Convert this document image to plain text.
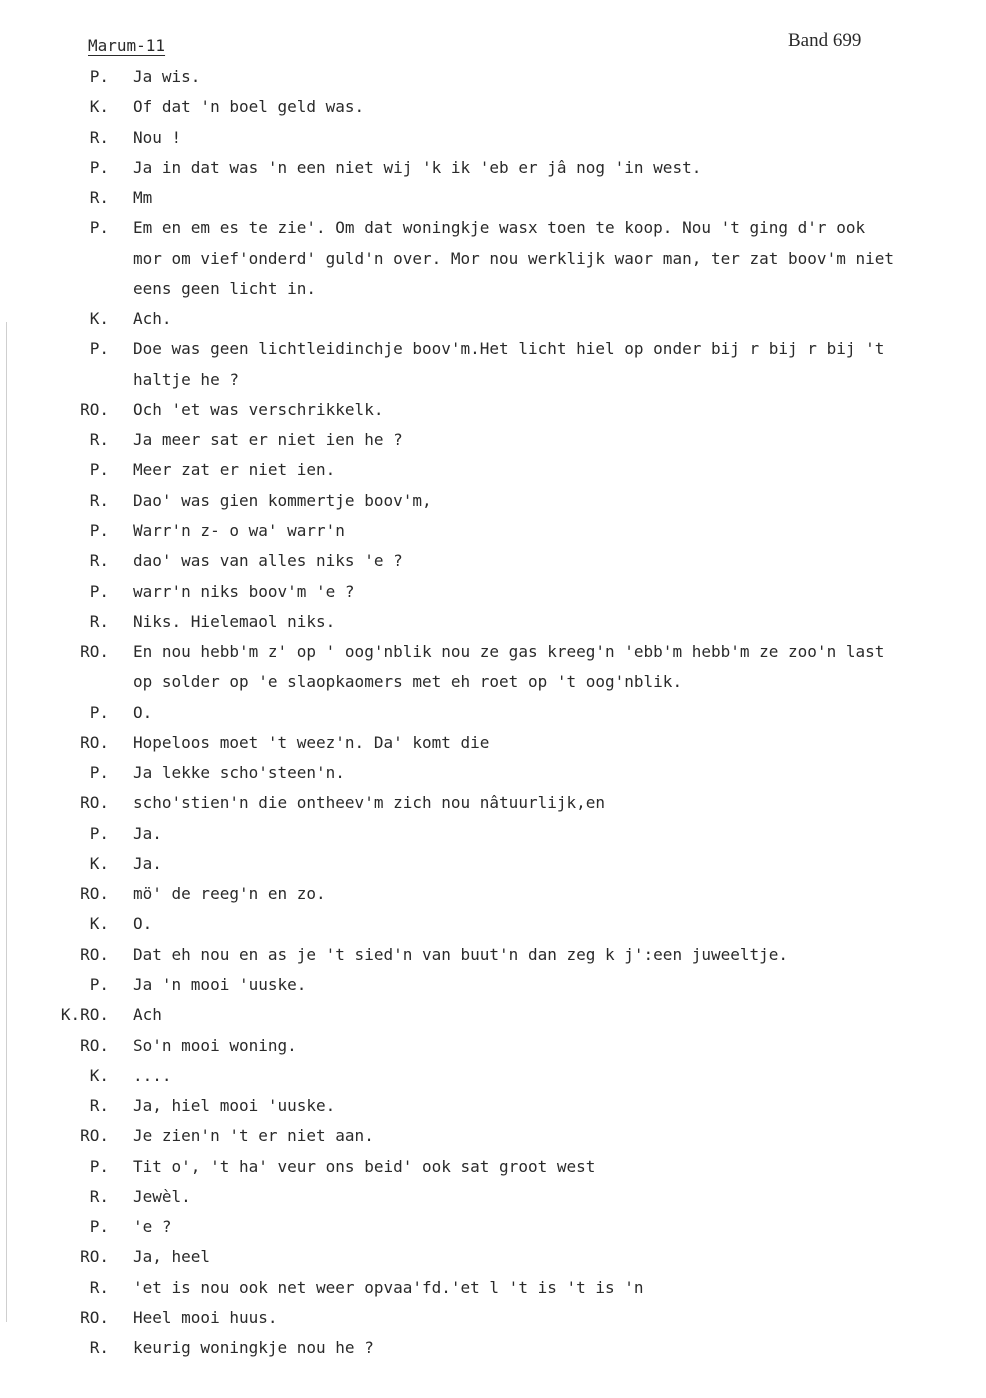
Marum-11	Band 699
P. Ja wis.
K. Of dat 'n boel geld was.
R. Nou !
P. Ja in dat was 'n een niet wij 'k ik 'eb er jâ nog 'in west.
R. Mm
P. Em en em es te zie'. Om dat woningkje wasx toen te koop. Nou 't ging d'r ook
mor om vief'onderd' guld'n over. Mor nou werklijk waor man, ter zat boov'm niet
eens geen licht in.
K. Ach.
P. Doe was geen lichtleidinchje boov'm.Het licht hiel op onder bij r bij r bij 't
haltje he ?
RO. Och 'et was verschrikkelk.
R. Ja meer sat er niet ien he ?
P. Meer zat er niet ien.
R. Dao' was gien kommertje boov'm,
P. Warr'n z- o wa' warr'n
R. dao' was van alles niks 'e ?
P. warr'n niks boov'm 'e ?
R. Niks. Hielemaol niks.
RO. En nou hebb'm z' op ' oog'nblik nou ze gas kreeg'n 'ebb'm hebb'm ze zoo'n last
op solder op 'e slaopkaomers met eh roet op 't oog'nblik.
P. O.
RO. Hopeloos moet 't weez'n. Da' komt die
P. Ja lekke scho'steen'n.
RO. scho'stien'n die ontheev'm zich nou nâtuurlijk,en
P. Ja.
K. Ja.
RO. mö' de reeg'n en zo.
K. O.
RO. Dat eh nou en as je 't sied'n van buut'n dan zeg k j':een juweeltje.
P. Ja 'n mooi 'uuske.
K.RO. Ach
RO. So'n mooi woning.
K. ....
R. Ja, hiel mooi 'uuske.
RO. Je zien'n 't er niet aan.
P. Tit o', 't ha' veur ons beid' ook sat groot west
R. Jewèl.
P. 'e ?
RO. Ja, heel
R. 'et is nou ook net weer opvaa'fd.'et l 't is 't is 'n
RO. Heel mooi huus.
R. keurig woningkje nou he ?
